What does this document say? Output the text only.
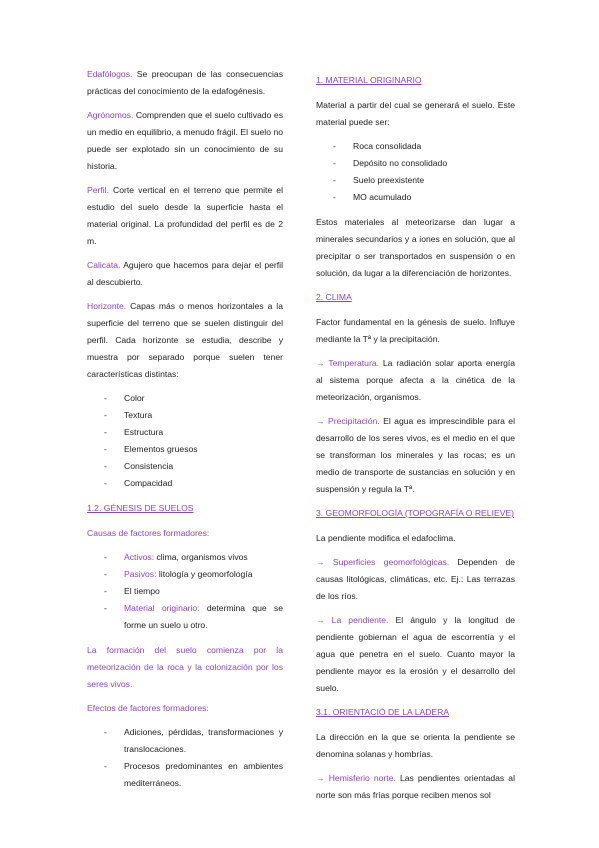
Edafólogos. Se preocupan de las consecuencias prácticas del conocimiento de la edafogénesis.

Agrónomos. Comprenden que el suelo cultivado es un medio en equilibrio, a menudo frágil. El suelo no puede ser explotado sin un conocimiento de su historia.

Perfil. Corte vertical en el terreno que permite el estudio del suelo desde la superficie hasta el material original. La profundidad del perfil es de 2 m.

Calicata. Agujero que hacemos para dejar el perfil al descubierto.

Horizonte. Capas más o menos horizontales a la superficie del terreno que se suelen distinguir del perfil. Cada horizonte se estudia, describe y muestra por separado porque suelen tener características distintas:

- Color
- Textura
- Estructura
- Elementos gruesos
- Consistencia
- Compacidad
1.2. GÉNESIS DE SUELOS

Causas de factores formadores:

- Activos: clima, organismos vivos
- Pasivos: litología y geomorfología
- El tiempo
- Material originario: determina que se forme un suelo u otro.

La formación del suelo comienza por la meteorización de la roca y la colonización por los seres vivos.

Efectos de factores formadores:

- Adiciones, pérdidas, transformaciones y translocaciones.
- Procesos predominantes en ambientes mediterráneos.
1. MATERIAL ORIGINARIO

Material a partir del cual se generará el suelo. Este material puede ser:

- Roca consolidada
- Depósito no consolidado
- Suelo preexistente
- MO acumulado

Estos materiales al meteorizarse dan lugar a minerales secundarios y a iones en solución, que al precipitar o ser transportados en suspensión o en solución, da lugar a la diferenciación de horizontes.

2. CLIMA

Factor fundamental en la génesis de suelo. Influye mediante la Tª y la precipitación.

→ Temperatura. La radiación solar aporta energía al sistema porque afecta a la cinética de la meteorización, organismos.

→ Precipitación. El agua es imprescindible para el desarrollo de los seres vivos, es el medio en el que se transforman los minerales y las rocas; es un medio de transporte de sustancias en solución y en suspensión y regula la Tª.

3. GEOMORFOLOGÍA (TOPOGRAFÍA O RELIEVE)

La pendiente modifica el edafoclima.

→ Superficies geomorfológicas. Dependen de causas litológicas, climáticas, etc. Ej.: Las terrazas de los ríos.

→ La pendiente. El ángulo y la longitud de pendiente gobiernan el agua de escorrentía y el agua que penetra en el suelo. Cuanto mayor la pendiente mayor es la erosión y el desarrollo del suelo.

3.1. ORIENTACIÓ DE LA LADERA

La dirección en la que se orienta la pendiente se denomina solanas y hombrías.

→ Hemisferio norte. Las pendientes orientadas al norte son más frías porque reciben menos sol
